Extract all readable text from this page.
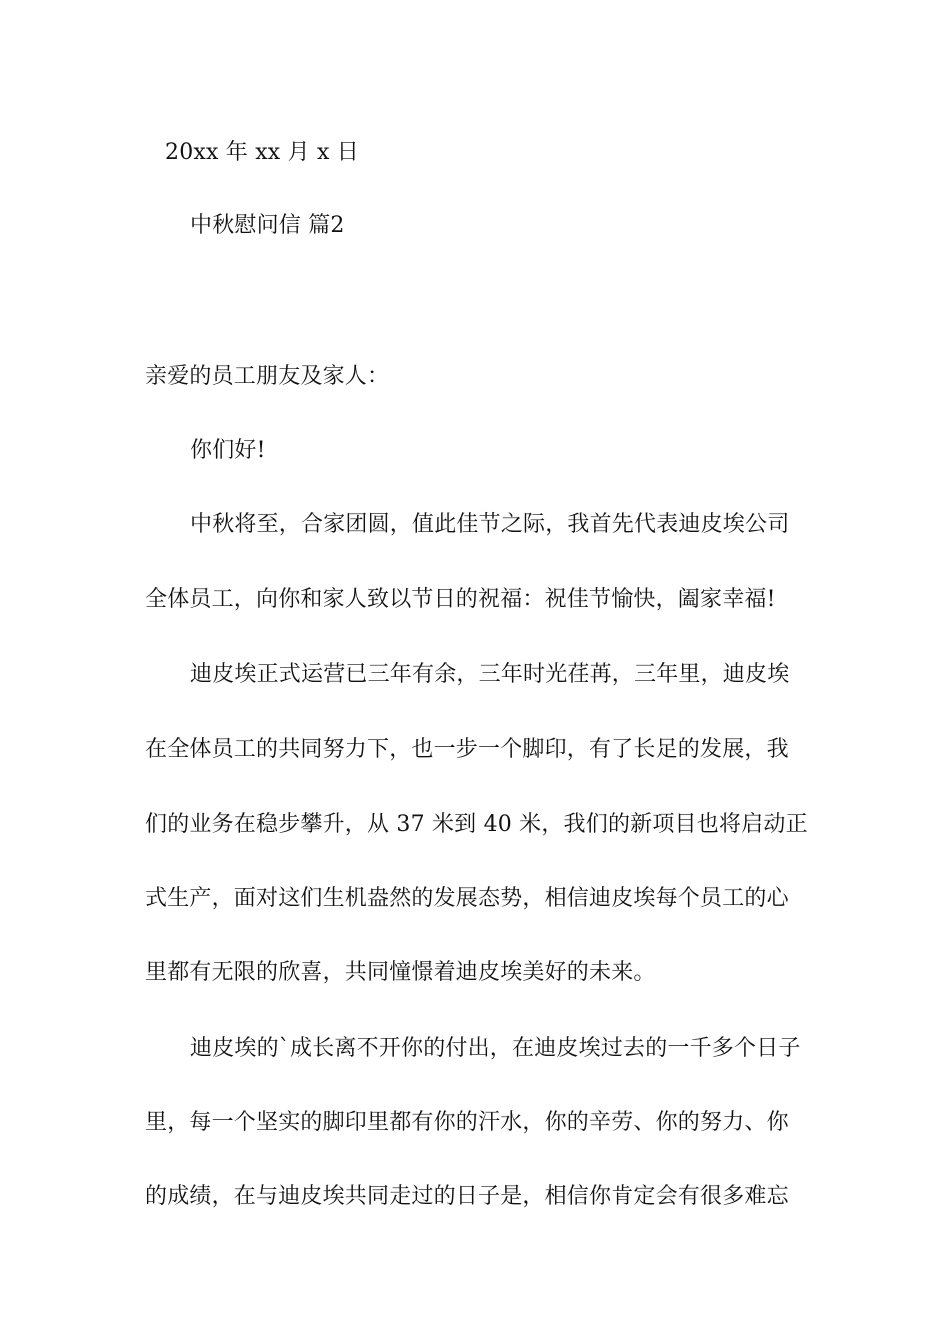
20xx 年 xx 月 x 日
中秋慰问信 篇2
亲爱的员工朋友及家人：
你们好!
中秋将至，合家团圆，值此佳节之际，我首先代表迪皮埃公司
全体员工，向你和家人致以节日的祝福：祝佳节愉快，阖家幸福!
迪皮埃正式运营已三年有余，三年时光荏苒，三年里，迪皮埃
在全体员工的共同努力下，也一步一个脚印，有了长足的发展，我
们的业务在稳步攀升，从 37 米到 40 米，我们的新项目也将启动正
式生产，面对这们生机盎然的发展态势，相信迪皮埃每个员工的心
里都有无限的欣喜，共同憧憬着迪皮埃美好的未来。
迪皮埃的`成长离不开你的付出，在迪皮埃过去的一千多个日子
里，每一个坚实的脚印里都有你的汗水，你的辛劳、你的努力、你
的成绩，在与迪皮埃共同走过的日子是，相信你肯定会有很多难忘
